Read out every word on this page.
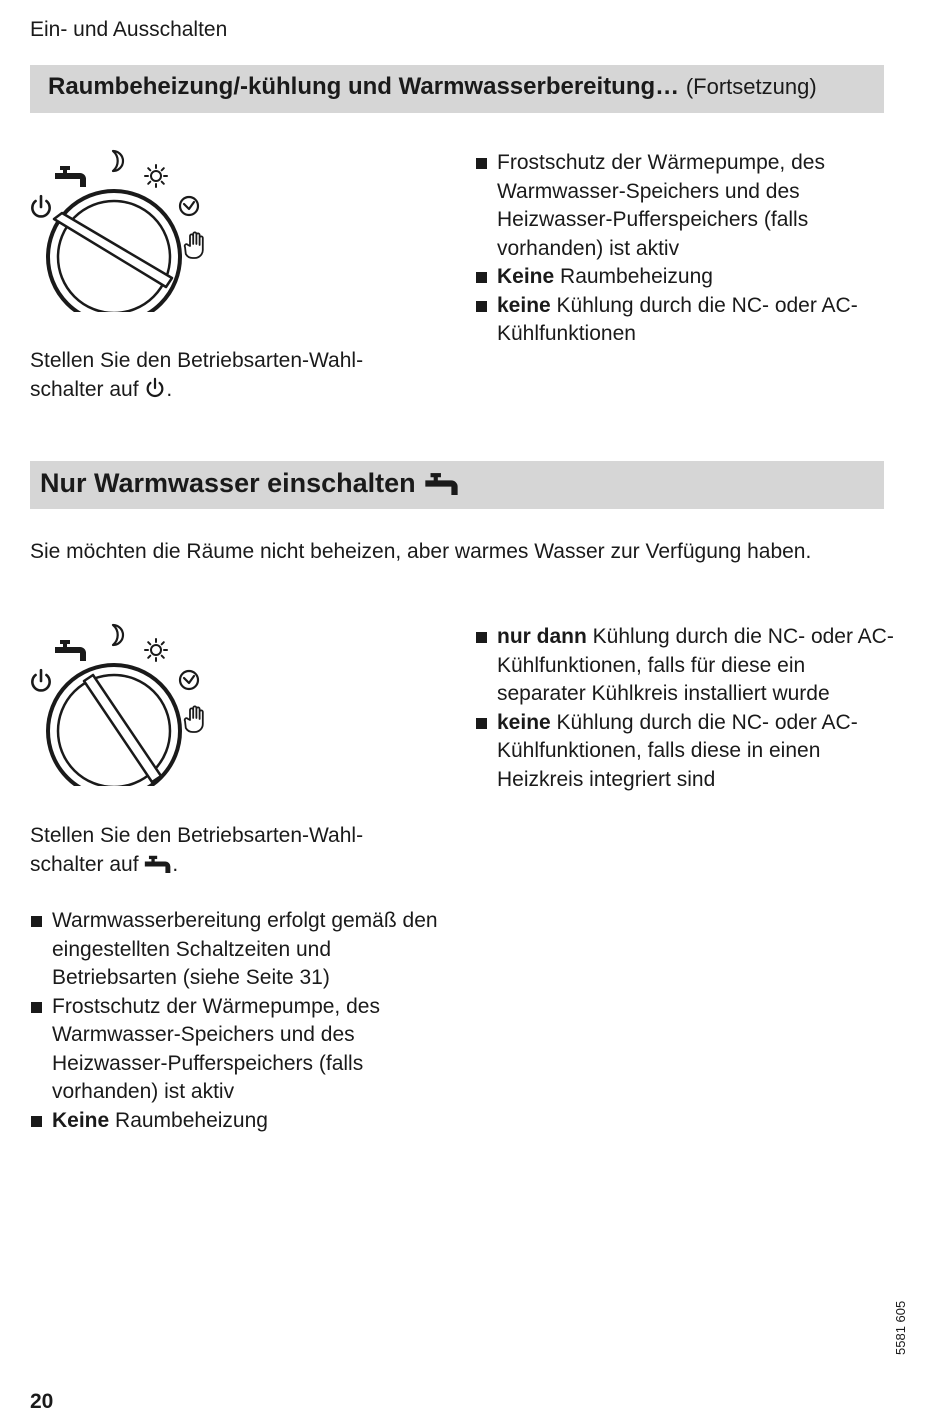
Ein- und Ausschalten
Raumbeheizung/-kühlung und Warmwasserbereitung… (Fortsetzung)
Stellen Sie den Betriebsarten-Wahl-
schalter auf .
Frostschutz der Wärmepumpe, des Warmwasser-Speichers und des Heizwasser-Pufferspeichers (falls vorhanden) ist aktiv
Keine Raumbeheizung
keine Kühlung durch die NC- oder AC-Kühlfunktionen
Nur Warmwasser einschalten
Sie möchten die Räume nicht beheizen, aber warmes Wasser zur Verfügung haben.
nur dann Kühlung durch die NC- oder AC-Kühlfunktionen, falls für diese ein separater Kühlkreis installiert wurde
keine Kühlung durch die NC- oder AC-Kühlfunktionen, falls diese in einen Heizkreis integriert sind
Stellen Sie den Betriebsarten-Wahl-
schalter auf .
Warmwasserbereitung erfolgt gemäß den eingestellten Schaltzeiten und Betriebsarten (siehe Seite 31)
Frostschutz der Wärmepumpe, des Warmwasser-Speichers und des Heizwasser-Pufferspeichers (falls vorhanden) ist aktiv
Keine Raumbeheizung
20
5581 605
